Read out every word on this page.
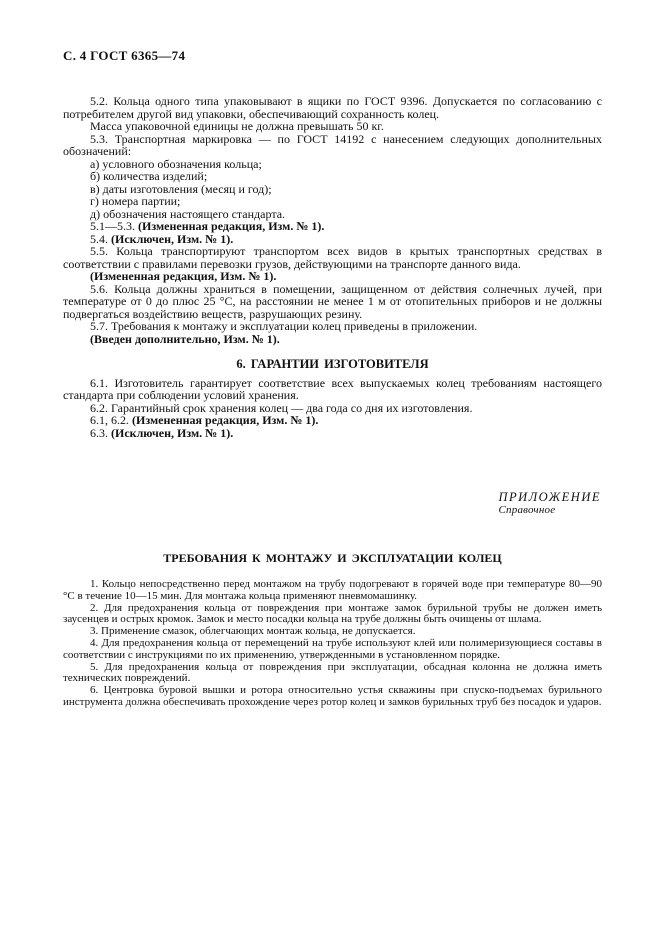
С. 4 ГОСТ 6365—74

5.2. Кольца одного типа упаковывают в ящики по ГОСТ 9396. Допускается по согласованию с потребителем другой вид упаковки, обеспечивающий сохранность колец.

Масса упаковочной единицы не должна превышать 50 кг.

5.3. Транспортная маркировка — по ГОСТ 14192 с нанесением следующих дополнительных обозначений:

а) условного обозначения кольца;

б) количества изделий;

в) даты изготовления (месяц и год);

г) номера партии;

д) обозначения настоящего стандарта.

5.1—5.3. (Измененная редакция, Изм. № 1).

5.4. (Исключен, Изм. № 1).

5.5. Кольца транспортируют транспортом всех видов в крытых транспортных средствах в соответствии с правилами перевозки грузов, действующими на транспорте данного вида.

(Измененная редакция, Изм. № 1).

5.6. Кольца должны храниться в помещении, защищенном от действия солнечных лучей, при температуре от 0 до плюс 25 °С, на расстоянии не менее 1 м от отопительных приборов и не должны подвергаться воздействию веществ, разрушающих резину.

5.7. Требования к монтажу и эксплуатации колец приведены в приложении.

(Введен дополнительно, Изм. № 1).

6. ГАРАНТИИ ИЗГОТОВИТЕЛЯ

6.1. Изготовитель гарантирует соответствие всех выпускаемых колец требованиям настоящего стандарта при соблюдении условий хранения.

6.2. Гарантийный срок хранения колец — два года со дня их изготовления.

6.1, 6.2. (Измененная редакция, Изм. № 1).

6.3. (Исключен, Изм. № 1).

ПРИЛОЖЕНИЕ
Справочное
ТРЕБОВАНИЯ К МОНТАЖУ И ЭКСПЛУАТАЦИИ КОЛЕЦ

1. Кольцо непосредственно перед монтажом на трубу подогревают в горячей воде при температуре 80—90 °С в течение 10—15 мин. Для монтажа кольца применяют пневмомашинку.

2. Для предохранения кольца от повреждения при монтаже замок бурильной трубы не должен иметь заусенцев и острых кромок. Замок и место посадки кольца на трубе должны быть очищены от шлама.

3. Применение смазок, облегчающих монтаж кольца, не допускается.

4. Для предохранения кольца от перемещений на трубе используют клей или полимеризующиеся составы в соответствии с инструкциями по их применению, утвержденными в установленном порядке.

5. Для предохранения кольца от повреждения при эксплуатации, обсадная колонна не должна иметь технических повреждений.

6. Центровка буровой вышки и ротора относительно устья скважины при спуско-подъемах бурильного инструмента должна обеспечивать прохождение через ротор колец и замков бурильных труб без посадок и ударов.
